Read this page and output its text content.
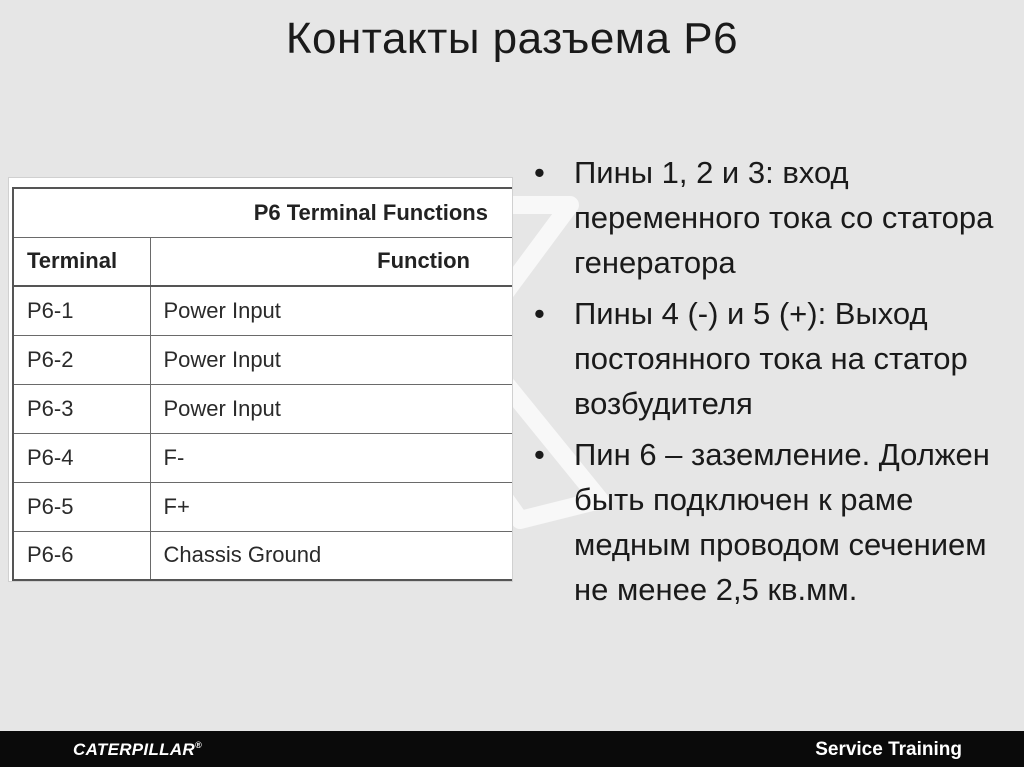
Контакты разъема P6
P6 Terminal Functions	
Terminal	Function
P6-1	Power Input
P6-2	Power Input
P6-3	Power Input
P6-4	F-
P6-5	F+
P6-6	Chassis Ground
• Пины 1, 2 и 3: вход переменного тока со статора генератора
• Пины 4 (-) и 5 (+): Выход постоянного тока на статор возбудителя
• Пин 6 – заземление. Должен быть подключен к раме медным проводом сечением не менее 2,5 кв.мм.
CATERPILLAR®	Service Training
